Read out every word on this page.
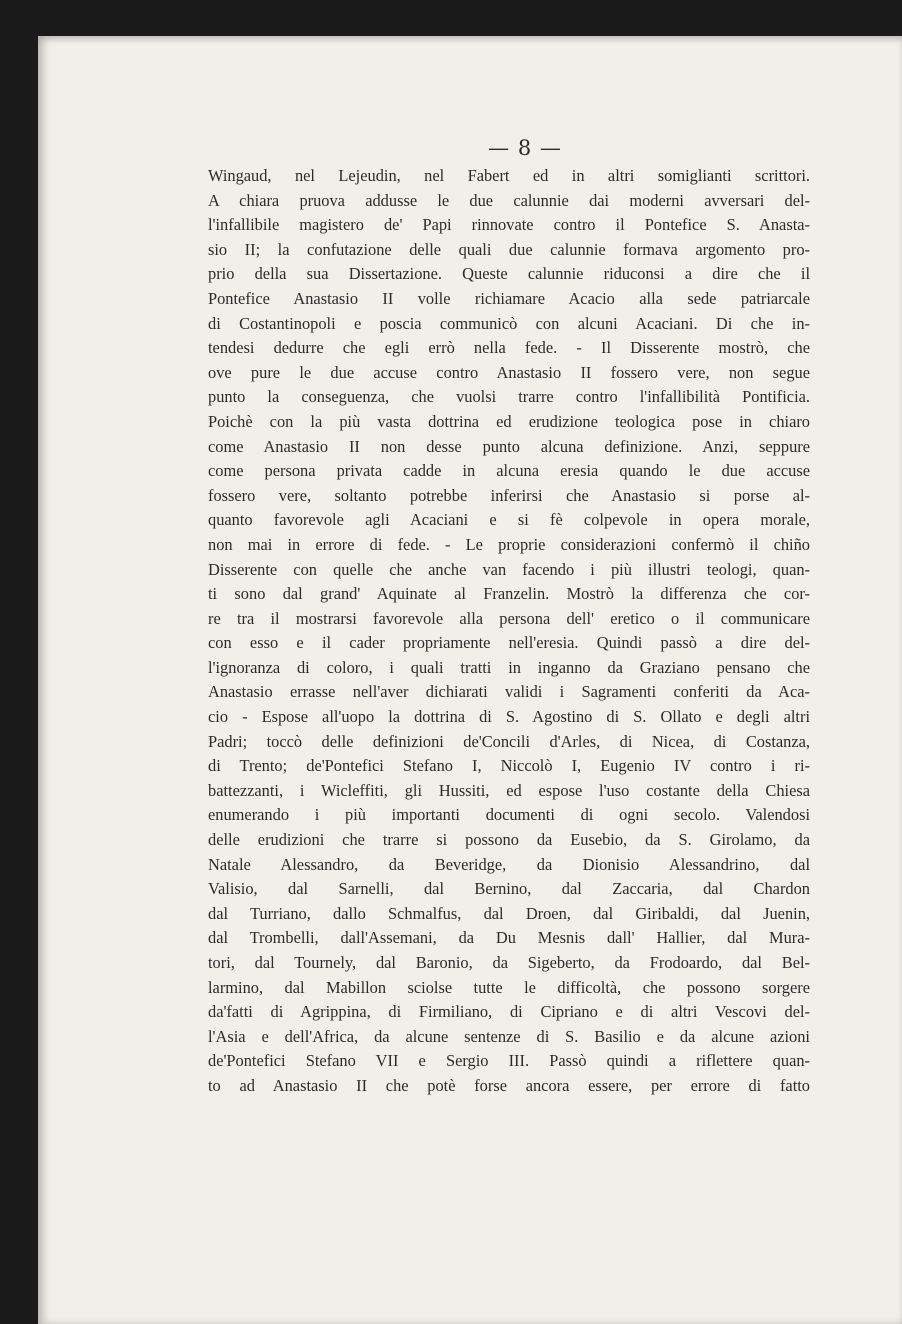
— 8 —
Wingaud, nel Lejeudin, nel Fabert ed in altri somiglianti scrittori.
A chiara pruova addusse le due calunnie dai moderni avversari del-
l'infallibile magistero de' Papi rinnovate contro il Pontefice S. Anasta-
sio II; la confutazione delle quali due calunnie formava argomento pro-
prio della sua Dissertazione. Queste calunnie riduconsi a dire che il
Pontefice Anastasio II volle richiamare Acacio alla sede patriarcale
di Costantinopoli e poscia communicò con alcuni Acaciani. Di che in-
tendesi dedurre che egli errò nella fede. - Il Disserente mostrò, che
ove pure le due accuse contro Anastasio II fossero vere, non segue
punto la conseguenza, che vuolsi trarre contro l'infallibilità Pontificia.
Poichè con la più vasta dottrina ed erudizione teologica pose in chiaro
come Anastasio II non desse punto alcuna definizione. Anzi, seppure
come persona privata cadde in alcuna eresia quando le due accuse
fossero vere, soltanto potrebbe inferirsi che Anastasio si porse al-
quanto favorevole agli Acaciani e si fè colpevole in opera morale,
non mai in errore di fede. - Le proprie considerazioni confermò il chiño
Disserente con quelle che anche van facendo i più illustri teologi, quan-
ti sono dal grand' Aquinate al Franzelin. Mostrò la differenza che cor-
re tra il mostrarsi favorevole alla persona dell' eretico o il communicare
con esso e il cader propriamente nell'eresia. Quindi passò a dire del-
l'ignoranza di coloro, i quali tratti in inganno da Graziano pensano che
Anastasio errasse nell'aver dichiarati validi i Sagramenti conferiti da Aca-
cio - Espose all'uopo la dottrina di S. Agostino di S. Ollato e degli altri
Padri; toccò delle definizioni de'Concili d'Arles, di Nicea, di Costanza,
di Trento; de'Pontefici Stefano I, Niccolò I, Eugenio IV contro i ri-
battezzanti, i Wicleffiti, gli Hussiti, ed espose l'uso costante della Chiesa
enumerando i più importanti documenti di ogni secolo. Valendosi
delle erudizioni che trarre si possono da Eusebio, da S. Girolamo, da
Natale Alessandro, da Beveridge, da Dionisio Alessandrino, dal
Valisio, dal Sarnelli, dal Bernino, dal Zaccaria, dal Chardon
dal Turriano, dallo Schmalfus, dal Droen, dal Giribaldi, dal Juenin,
dal Trombelli, dall'Assemani, da Du Mesnis dall' Hallier, dal Mura-
tori, dal Tournely, dal Baronio, da Sigeberto, da Frodoardo, dal Bel-
larmino, dal Mabillon sciolse tutte le difficoltà, che possono sorgere
da'fatti di Agrippina, di Firmiliano, di Cipriano e di altri Vescovi del-
l'Asia e dell'Africa, da alcune sentenze di S. Basilio e da alcune azioni
de'Pontefici Stefano VII e Sergio III. Passò quindi a riflettere quan-
to ad Anastasio II che potè forse ancora essere, per errore di fatto
